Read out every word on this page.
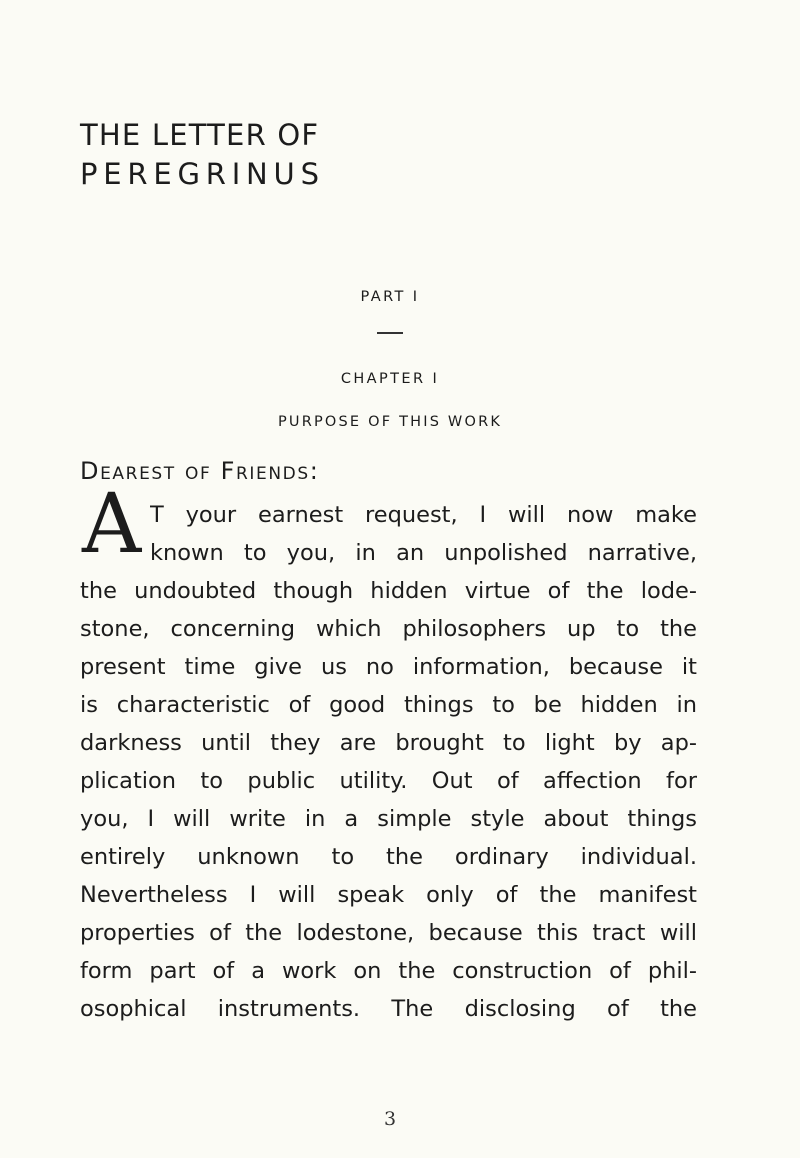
THE LETTER OF
PEREGRINUS
PART I
CHAPTER I
PURPOSE OF THIS WORK
Dearest of Friends:
A T your earnest request, I will now make
known to you, in an unpolished narrative,
the undoubted though hidden virtue of the lode-
stone, concerning which philosophers up to the
present time give us no information, because it
is characteristic of good things to be hidden in
darkness until they are brought to light by ap-
plication to public utility. Out of affection for
you, I will write in a simple style about things
entirely unknown to the ordinary individual.
Nevertheless I will speak only of the manifest
properties of the lodestone, because this tract will
form part of a work on the construction of phil-
osophical instruments. The disclosing of the
3
